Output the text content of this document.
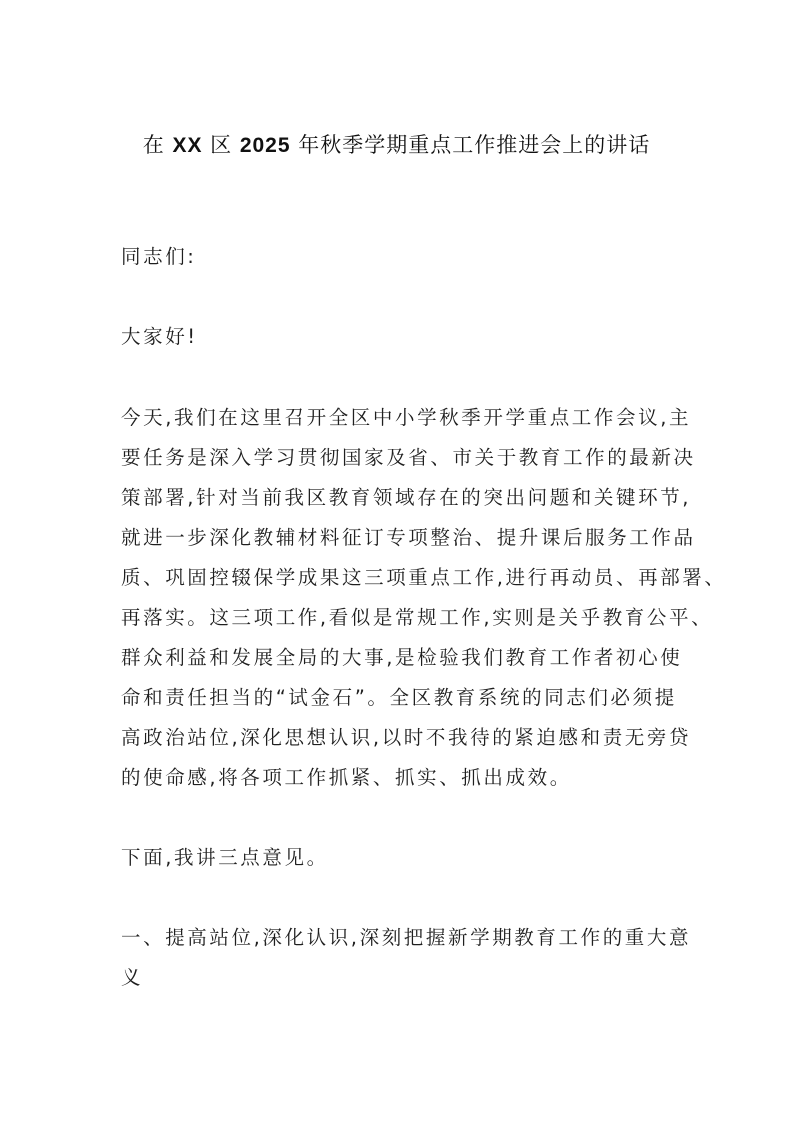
在 XX 区 2025 年秋季学期重点工作推进会上的讲话
同志们:
大家好!
今天,我们在这里召开全区中小学秋季开学重点工作会议,主
要任务是深入学习贯彻国家及省、市关于教育工作的最新决
策部署,针对当前我区教育领域存在的突出问题和关键环节,
就进一步深化教辅材料征订专项整治、提升课后服务工作品
质、巩固控辍保学成果这三项重点工作,进行再动员、再部署、
再落实。这三项工作,看似是常规工作,实则是关乎教育公平、
群众利益和发展全局的大事,是检验我们教育工作者初心使
命和责任担当的“试金石”。全区教育系统的同志们必须提
高政治站位,深化思想认识,以时不我待的紧迫感和责无旁贷
的使命感,将各项工作抓紧、抓实、抓出成效。
下面,我讲三点意见。
一、提高站位,深化认识,深刻把握新学期教育工作的重大意
义
